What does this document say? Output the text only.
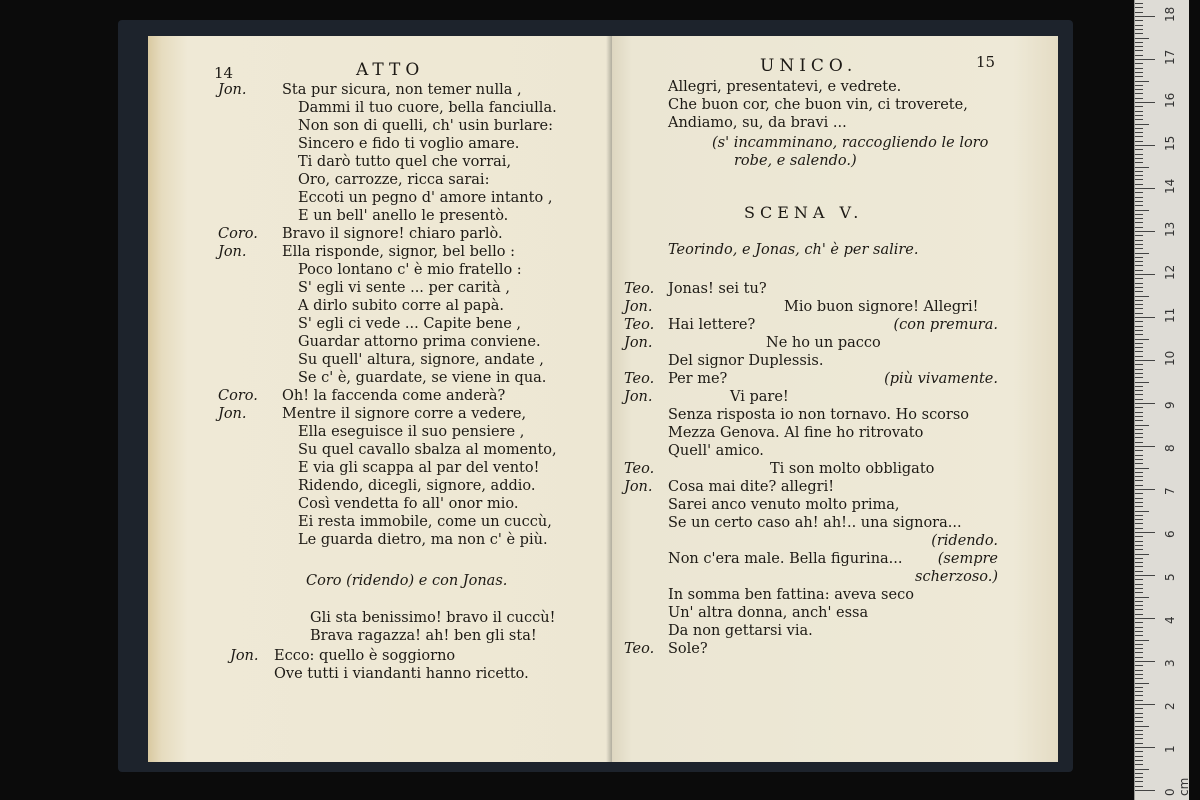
14	ATTO
Jon. Sta pur sicura, non temer nulla ,
Dammi il tuo cuore, bella fanciulla.
Non son di quelli, ch' usin burlare:
Sincero e fido ti voglio amare.
Ti darò tutto quel che vorrai,
Oro, carrozze, ricca sarai:
Eccoti un pegno d' amore intanto ,
E un bell' anello le presentò.
Coro. Bravo il signore! chiaro parlò.
Jon. Ella risponde, signor, bel bello :
Poco lontano c' è mio fratello :
S' egli vi sente ... per carità ,
A dirlo subito corre al papà.
S' egli ci vede ... Capite bene ,
Guardar attorno prima conviene.
Su quell' altura, signore, andate ,
Se c' è, guardate, se viene in qua.
Coro. Oh! la faccenda come anderà?
Jon. Mentre il signore corre a vedere,
Ella eseguisce il suo pensiere ,
Su quel cavallo sbalza al momento,
E via gli scappa al par del vento!
Ridendo, dicegli, signore, addio.
Così vendetta fo all' onor mio.
Ei resta immobile, come un cuccù,
Le guarda dietro, ma non c' è più.
Coro (ridendo) e con Jonas.
Gli sta benissimo! bravo il cuccù!
Brava ragazza! ah! ben gli sta!
Jon. Ecco: quello è soggiorno
Ove tutti i viandanti hanno ricetto.
UNICO.	15
Allegri, presentatevi, e vedrete.
Che buon cor, che buon vin, ci troverete,
Andiamo, su, da bravi ...
(s' incamminano, raccogliendo le loro
robe, e salendo.)
SCENA V.
Teorindo, e Jonas, ch' è per salire.
Teo. Jonas! sei tu?
Jon.	Mio buon signore! Allegri!
Teo. Hai lettere?	(con premura.
Jon.	Ne ho un pacco
Del signor Duplessis.
Teo. Per me?	(più vivamente.
Jon.	Vi pare!
Senza risposta io non tornavo. Ho scorso
Mezza Genova. Al fine ho ritrovato
Quell' amico.
Teo.	Ti son molto obbligato
Jon. Cosa mai dite? allegri!
Sarei anco venuto molto prima,
Se un certo caso ah! ah!.. una signora...
(ridendo.
Non c'era male. Bella figurina... (sempre
scherzoso.)
In somma ben fattina: aveva seco
Un' altra donna, anch' essa
Da non gettarsi via.
Teo. Sole?
0 cm
1
2
3
4
5
6
7
8
9
10
11
12
13
14
15
16
17
18
